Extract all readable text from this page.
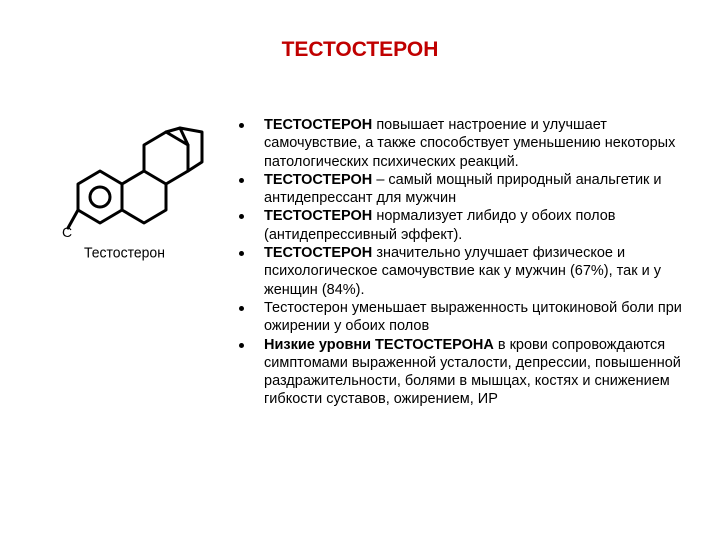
ТЕСТОСТЕРОН
C
Тестостерон
ТЕСТОСТЕРОН повышает настроение и улучшает самочувствие, а также способствует уменьшению некоторых патологических психических реакций.
ТЕСТОСТЕРОН – самый мощный природный анальгетик и антидепрессант для мужчин
ТЕСТОСТЕРОН нормализует либидо у обоих полов (антидепрессивный эффект).
ТЕСТОСТЕРОН значительно улучшает физическое и психологическое самочувствие как у мужчин (67%), так и у женщин (84%).
Тестостерон уменьшает выраженность цитокиновой боли при ожирении у обоих полов
Низкие уровни ТЕСТОСТЕРОНА в крови сопровождаются симптомами выраженной усталости, депрессии, повышенной раздражительности, болями в мышцах, костях и снижением гибкости суставов, ожирением, ИР
